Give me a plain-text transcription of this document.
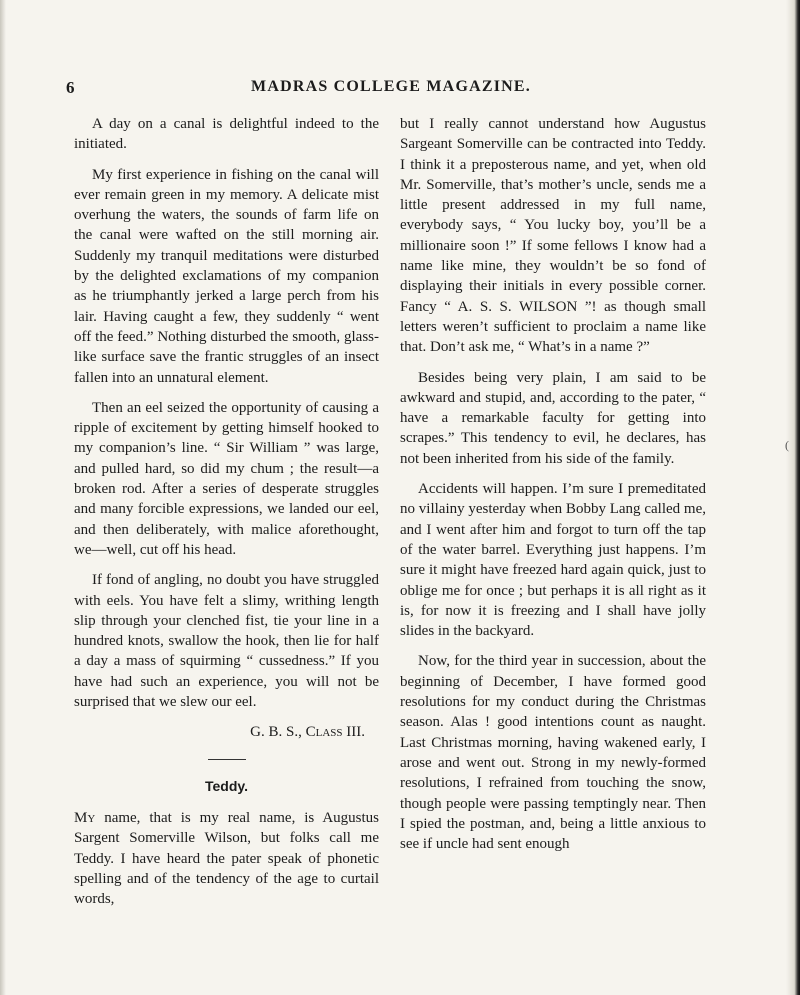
(
6	MADRAS COLLEGE MAGAZINE.

A day on a canal is delightful indeed to the initiated.

My first experience in fishing on the canal will ever remain green in my memory. A delicate mist overhung the waters, the sounds of farm life on the canal were wafted on the still morning air. Suddenly my tranquil meditations were disturbed by the delighted exclamations of my companion as he triumphantly jerked a large perch from his lair. Having caught a few, they suddenly “ went off the feed.” Nothing disturbed the smooth, glass-like surface save the frantic struggles of an insect fallen into an unnatural element.

Then an eel seized the opportunity of causing a ripple of excitement by getting himself hooked to my companion’s line. “ Sir William ” was large, and pulled hard, so did my chum ; the result—a broken rod. After a series of desperate struggles and many forcible expressions, we landed our eel, and then deliberately, with malice aforethought, we—well, cut off his head.

If fond of angling, no doubt you have struggled with eels. You have felt a slimy, writhing length slip through your clenched fist, tie your line in a hundred knots, swallow the hook, then lie for half a day a mass of squirming “ cussedness.” If you have had such an experience, you will not be surprised that we slew our eel.

G. B. S., Class III.
Teddy.

My name, that is my real name, is Augustus Sargent Somerville Wilson, but folks call me Teddy. I have heard the pater speak of phonetic spelling and of the tendency of the age to curtail words,

but I really cannot understand how Augustus Sargeant Somerville can be contracted into Teddy. I think it a preposterous name, and yet, when old Mr. Somerville, that’s mother’s uncle, sends me a little present addressed in my full name, everybody says, “ You lucky boy, you’ll be a millionaire soon !” If some fellows I know had a name like mine, they wouldn’t be so fond of displaying their initials in every possible corner. Fancy “ A. S. S. WILSON ”! as though small letters weren’t sufficient to proclaim a name like that. Don’t ask me, “ What’s in a name ?”

Besides being very plain, I am said to be awkward and stupid, and, according to the pater, “ have a remarkable faculty for getting into scrapes.” This tendency to evil, he declares, has not been inherited from his side of the family.

Accidents will happen. I’m sure I premeditated no villainy yesterday when Bobby Lang called me, and I went after him and forgot to turn off the tap of the water barrel. Everything just happens. I’m sure it might have freezed hard again quick, just to oblige me for once ; but perhaps it is all right as it is, for now it is freezing and I shall have jolly slides in the backyard.

Now, for the third year in succession, about the beginning of December, I have formed good resolutions for my conduct during the Christmas season. Alas ! good intentions count as naught. Last Christmas morning, having wakened early, I arose and went out. Strong in my newly-formed resolutions, I refrained from touching the snow, though people were passing temptingly near. Then I spied the postman, and, being a little anxious to see if uncle had sent enough
